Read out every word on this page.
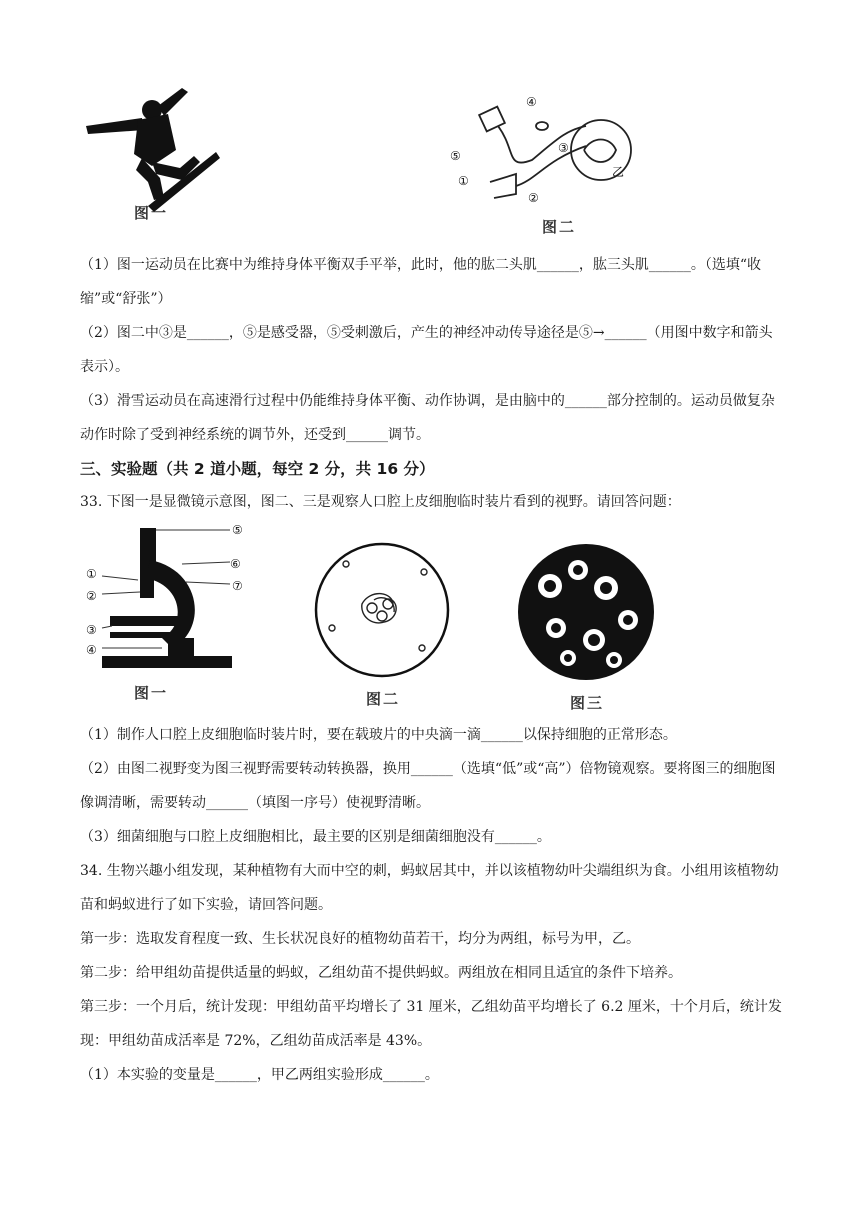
图一
④
⑤
③
①
②
乙
图二

（1）图一运动员在比赛中为维持身体平衡双手平举，此时，他的肱二头肌______，肱三头肌______。（选填“收缩”或“舒张”）

（2）图二中③是______，⑤是感受器，⑤受刺激后，产生的神经冲动传导途径是⑤→______（用图中数字和箭头表示）。

（3）滑雪运动员在高速滑行过程中仍能维持身体平衡、动作协调，是由脑中的______部分控制的。运动员做复杂动作时除了受到神经系统的调节外，还受到______调节。

三、实验题（共 2 道小题，每空 2 分，共 16 分）

33. 下图一是显微镜示意图，图二、三是观察人口腔上皮细胞临时装片看到的视野。请回答问题：

⑤
⑥
⑦
①
②
③
④
图一	图二	图三

（1）制作人口腔上皮细胞临时装片时，要在载玻片的中央滴一滴______以保持细胞的正常形态。

（2）由图二视野变为图三视野需要转动转换器，换用______（选填“低”或“高”）倍物镜观察。要将图三的细胞图像调清晰，需要转动______（填图一序号）使视野清晰。

（3）细菌细胞与口腔上皮细胞相比，最主要的区别是细菌细胞没有______。

34. 生物兴趣小组发现，某种植物有大而中空的刺，蚂蚁居其中，并以该植物幼叶尖端组织为食。小组用该植物幼苗和蚂蚁进行了如下实验，请回答问题。

第一步：选取发育程度一致、生长状况良好的植物幼苗若干，均分为两组，标号为甲，乙。

第二步：给甲组幼苗提供适量的蚂蚁，乙组幼苗不提供蚂蚁。两组放在相同且适宜的条件下培养。

第三步：一个月后，统计发现：甲组幼苗平均增长了 31 厘米，乙组幼苗平均增长了 6.2 厘米，十个月后，统计发现：甲组幼苗成活率是 72%，乙组幼苗成活率是 43%。

（1）本实验的变量是______，甲乙两组实验形成______。
